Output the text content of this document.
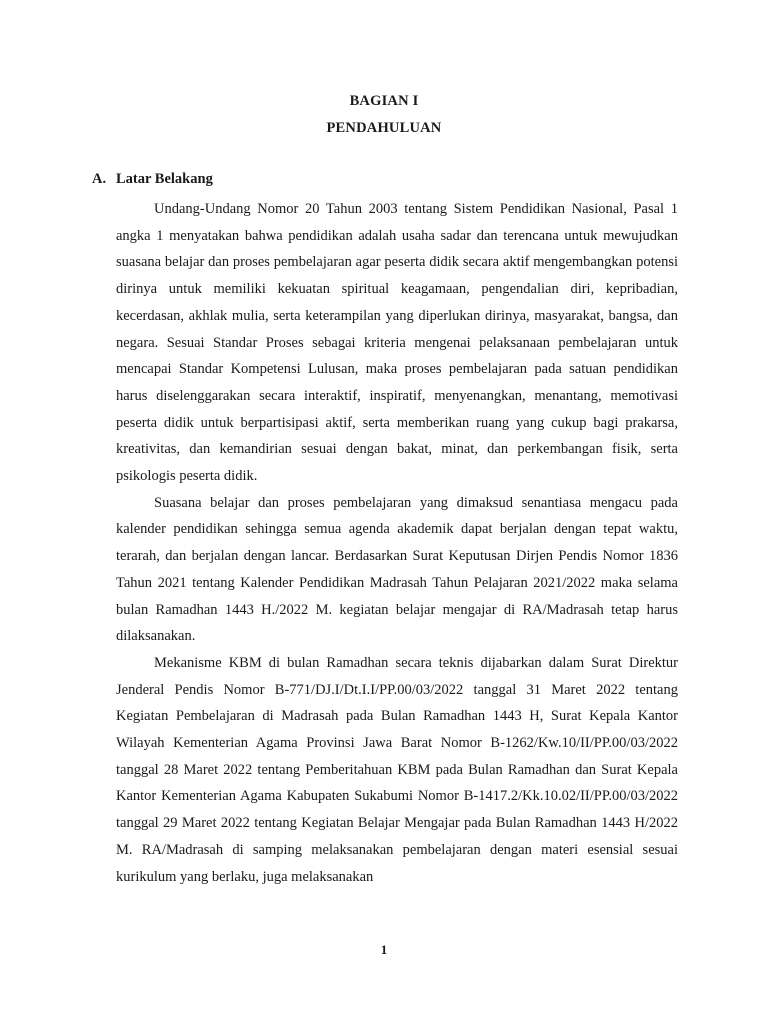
BAGIAN I
PENDAHULUAN
A. Latar Belakang

Undang-Undang Nomor 20 Tahun 2003 tentang Sistem Pendidikan Nasional, Pasal 1 angka 1 menyatakan bahwa pendidikan adalah usaha sadar dan terencana untuk mewujudkan suasana belajar dan proses pembelajaran agar peserta didik secara aktif mengembangkan potensi dirinya untuk memiliki kekuatan spiritual keagamaan, pengendalian diri, kepribadian, kecerdasan, akhlak mulia, serta keterampilan yang diperlukan dirinya, masyarakat, bangsa, dan negara. Sesuai Standar Proses sebagai kriteria mengenai pelaksanaan pembelajaran untuk mencapai Standar Kompetensi Lulusan, maka proses pembelajaran pada satuan pendidikan harus diselenggarakan secara interaktif, inspiratif, menyenangkan, menantang, memotivasi peserta didik untuk berpartisipasi aktif, serta memberikan ruang yang cukup bagi prakarsa, kreativitas, dan kemandirian sesuai dengan bakat, minat, dan perkembangan fisik, serta psikologis peserta didik.

Suasana belajar dan proses pembelajaran yang dimaksud senantiasa mengacu pada kalender pendidikan sehingga semua agenda akademik dapat berjalan dengan tepat waktu, terarah, dan berjalan dengan lancar. Berdasarkan Surat Keputusan Dirjen Pendis Nomor 1836 Tahun 2021 tentang Kalender Pendidikan Madrasah Tahun Pelajaran 2021/2022 maka selama bulan Ramadhan 1443 H./2022 M. kegiatan belajar mengajar di RA/Madrasah tetap harus dilaksanakan.

Mekanisme KBM di bulan Ramadhan secara teknis dijabarkan dalam Surat Direktur Jenderal Pendis Nomor B-771/DJ.I/Dt.I.I/PP.00/03/2022 tanggal 31 Maret 2022 tentang Kegiatan Pembelajaran di Madrasah pada Bulan Ramadhan 1443 H, Surat Kepala Kantor Wilayah Kementerian Agama Provinsi Jawa Barat Nomor B-1262/Kw.10/II/PP.00/03/2022 tanggal 28 Maret 2022 tentang Pemberitahuan KBM pada Bulan Ramadhan dan Surat Kepala Kantor Kementerian Agama Kabupaten Sukabumi Nomor B-1417.2/Kk.10.02/II/PP.00/03/2022 tanggal 29 Maret 2022 tentang Kegiatan Belajar Mengajar pada Bulan Ramadhan 1443 H/2022 M. RA/Madrasah di samping melaksanakan pembelajaran dengan materi esensial sesuai kurikulum yang berlaku, juga melaksanakan

1
